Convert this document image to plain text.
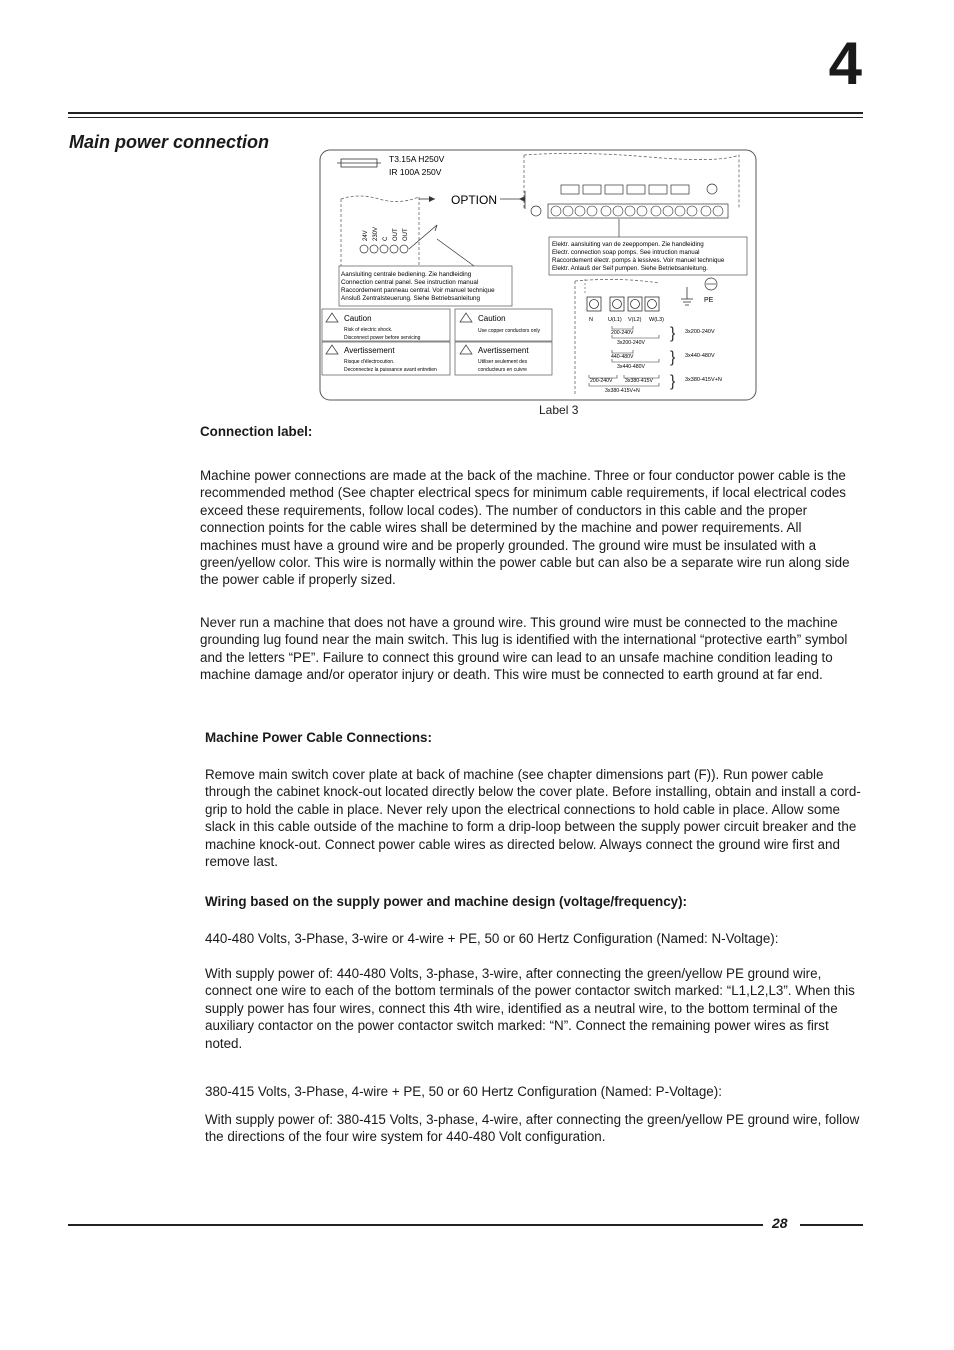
4
Main power connection
T3.15A H250V
IR 100A 250V
OPTION
24V 230V C OUT OUT
Aansluiting centrale bediening. Zie handleiding
Connection central panel. See instruction manual
Raccordement panneau central. Voir manuel technique
Ansluß Zentralsteuerung. Siehe Betriebsanleitung
Caution
Risk of electric shock.
Disconnect power before servicing
Avertissement
Risque d'électrocution.
Deconnectez la puissance avant entretien
Caution
Use copper conductors only
Avertissement
Utiliser seulement des
conducteurs en cuivre
Elektr. aansluiting van de zeeppompen. Zie handleiding
Electr. connection soap pomps. See intruction manual
Raccordement électr. pomps à lessives. Voir manuel technique
Elektr. Anlauß der Seif pumpen. Siehe Betriebsanleitung.
PE
N	U(L1) V(L2) W(L3)
200-240V
3x200-240V
440-480V
3x440-480V
200-240V 3x380-415V
3x380-415V+N
}
}
}
3x200-240V
3x440-480V
3x380-415V+N
Label 3
Connection label:
Machine power connections are made at the back of the machine. Three or four conductor power cable is the recommended method (See chapter electrical specs for minimum cable requirements, if local electrical codes exceed these requirements, follow local codes). The number of conductors in this cable and the proper connection points for the cable wires shall be determined by the machine and power requirements. All machines must have a ground wire and be properly grounded. The ground wire must be insulated with a green/yellow color. This wire is normally within the power cable but can also be a separate wire run along side the power cable if properly sized.
Never run a machine that does not have a ground wire. This ground wire must be connected to the machine grounding lug found near the main switch. This lug is identified with the international “protective earth” symbol and the letters “PE”. Failure to connect this ground wire can lead to an unsafe machine condition leading to machine damage and/or operator injury or death. This wire must be connected to earth ground at far end.
Machine Power Cable Connections:
Remove main switch cover plate at back of machine (see chapter dimensions part (F)). Run power cable through the cabinet knock-out located directly below the cover plate. Before installing, obtain and install a cord-grip to hold the cable in place. Never rely upon the electrical connections to hold cable in place. Allow some slack in this cable outside of the machine to form a drip-loop between the supply power circuit breaker and the machine knock-out. Connect power cable wires as directed below. Always connect the ground wire first and remove last.
Wiring based on the supply power and machine design (voltage/frequency):
440-480 Volts, 3-Phase, 3-wire or 4-wire + PE, 50 or 60 Hertz Configuration (Named: N-Voltage):
With supply power of: 440-480 Volts, 3-phase, 3-wire, after connecting the green/yellow PE ground wire, connect one wire to each of the bottom terminals of the power contactor switch marked: “L1,L2,L3”. When this supply power has four wires, connect this 4th wire, identified as a neutral wire, to the bottom terminal of the auxiliary contactor on the power contactor switch marked: “N”. Connect the remaining power wires as first noted.
380-415 Volts, 3-Phase, 4-wire + PE, 50 or 60 Hertz Configuration (Named: P-Voltage):
With supply power of: 380-415 Volts, 3-phase, 4-wire, after connecting the green/yellow PE ground wire, follow the directions of the four wire system for 440-480 Volt configuration.
28
